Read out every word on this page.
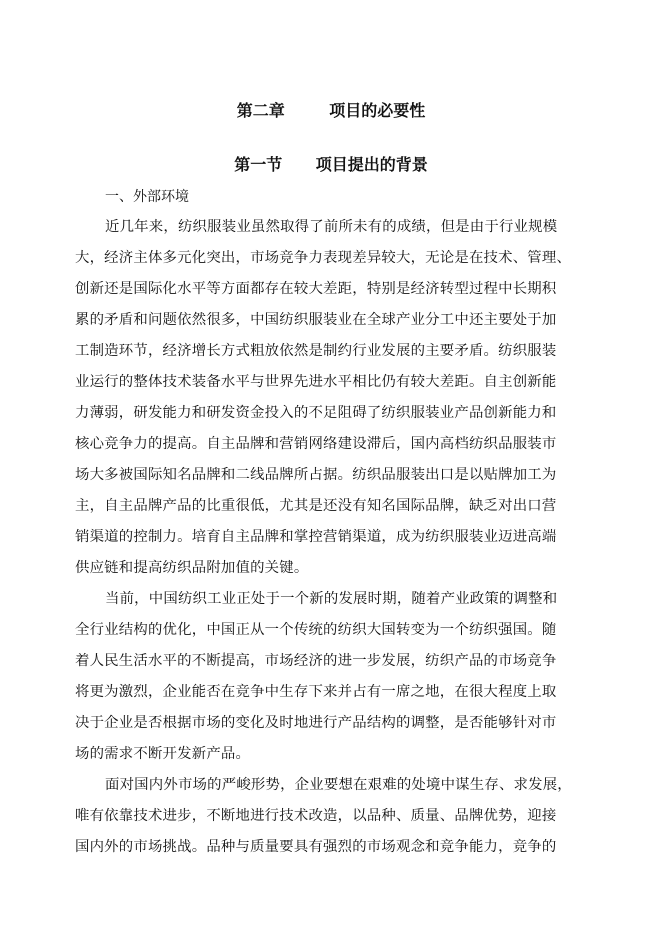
第二章        项目的必要性
第一节      项目提出的背景
一、外部环境
近几年来，纺织服装业虽然取得了前所未有的成绩，但是由于行业规模
大，经济主体多元化突出，市场竞争力表现差异较大，无论是在技术、管理、
创新还是国际化水平等方面都存在较大差距，特别是经济转型过程中长期积
累的矛盾和问题依然很多，中国纺织服装业在全球产业分工中还主要处于加
工制造环节，经济增长方式粗放依然是制约行业发展的主要矛盾。纺织服装
业运行的整体技术装备水平与世界先进水平相比仍有较大差距。自主创新能
力薄弱，研发能力和研发资金投入的不足阻碍了纺织服装业产品创新能力和
核心竞争力的提高。自主品牌和营销网络建设滞后，国内高档纺织品服装市
场大多被国际知名品牌和二线品牌所占据。纺织品服装出口是以贴牌加工为
主，自主品牌产品的比重很低，尤其是还没有知名国际品牌，缺乏对出口营
销渠道的控制力。培育自主品牌和掌控营销渠道，成为纺织服装业迈进高端
供应链和提高纺织品附加值的关键。
当前，中国纺织工业正处于一个新的发展时期，随着产业政策的调整和
全行业结构的优化，中国正从一个传统的纺织大国转变为一个纺织强国。随
着人民生活水平的不断提高，市场经济的进一步发展，纺织产品的市场竞争
将更为激烈，企业能否在竞争中生存下来并占有一席之地，在很大程度上取
决于企业是否根据市场的变化及时地进行产品结构的调整，是否能够针对市
场的需求不断开发新产品。
面对国内外市场的严峻形势，企业要想在艰难的处境中谋生存、求发展，
唯有依靠技术进步，不断地进行技术改造，以品种、质量、品牌优势，迎接
国内外的市场挑战。品种与质量要具有强烈的市场观念和竞争能力，竞争的
